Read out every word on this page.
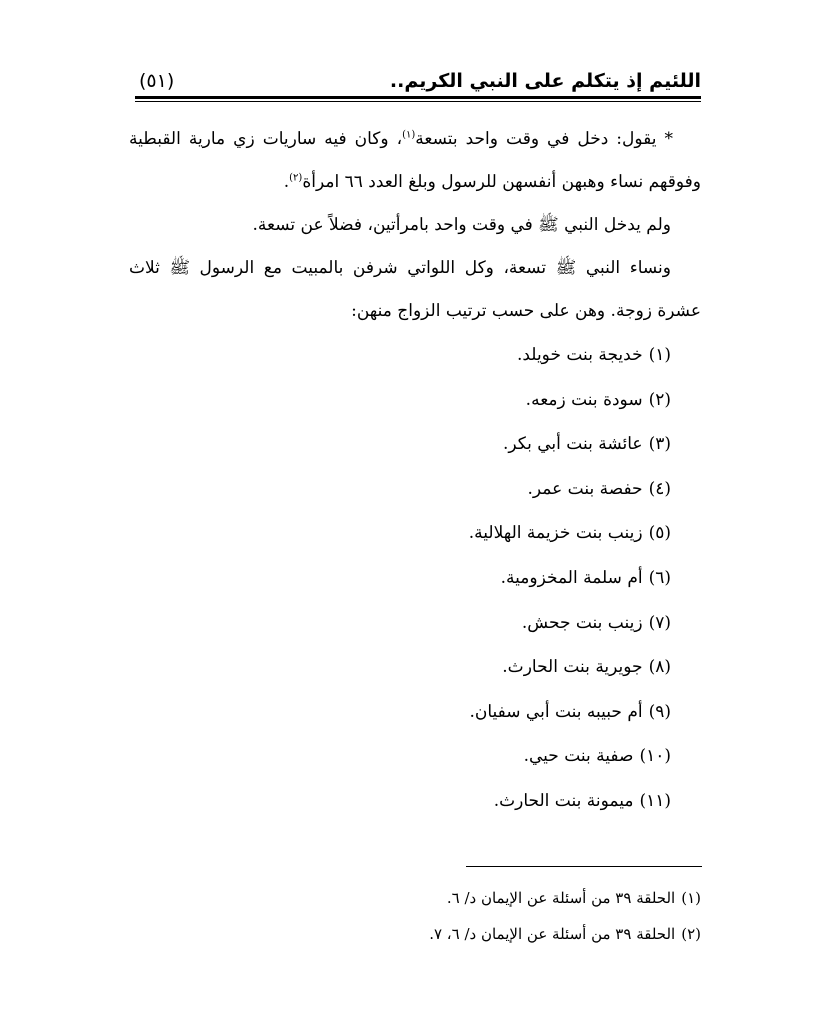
اللئيم إذ يتكلم على النبي الكريم..
(٥١)

* يقول: دخل في وقت واحد بتسعة$^{(١)}$، وكان فيه ساريات زي مارية القبطية وفوقهم نساء وهبهن أنفسهن للرسول وبلغ العدد ٦٦ امرأة$^{(٢)}$.

ولم يدخل النبي ﷺ في وقت واحد بامرأتين، فضلاً عن تسعة.

ونساء النبي ﷺ تسعة، وكل اللواتي شرفن بالمبيت مع الرسول ﷺ ثلاث عشرة زوجة. وهن على حسب ترتيب الزواج منهن:

(١)خديجة بنت خويلد.
(٢)سودة بنت زمعه.
(٣)عائشة بنت أبي بكر.
(٤)حفصة بنت عمر.
(٥)زينب بنت خزيمة الهلالية.
(٦)أم سلمة المخزومية.
(٧)زينب بنت جحش.
(٨)جويرية بنت الحارث.
(٩)أم حبيبه بنت أبي سفيان.
(١٠)صفية بنت حيي.
(١١)ميمونة بنت الحارث.

(١)الحلقة ٣٩ من أسئلة عن الإيمان د/ ٦.

(٢)الحلقة ٣٩ من أسئلة عن الإيمان د/ ٦، ٧.
